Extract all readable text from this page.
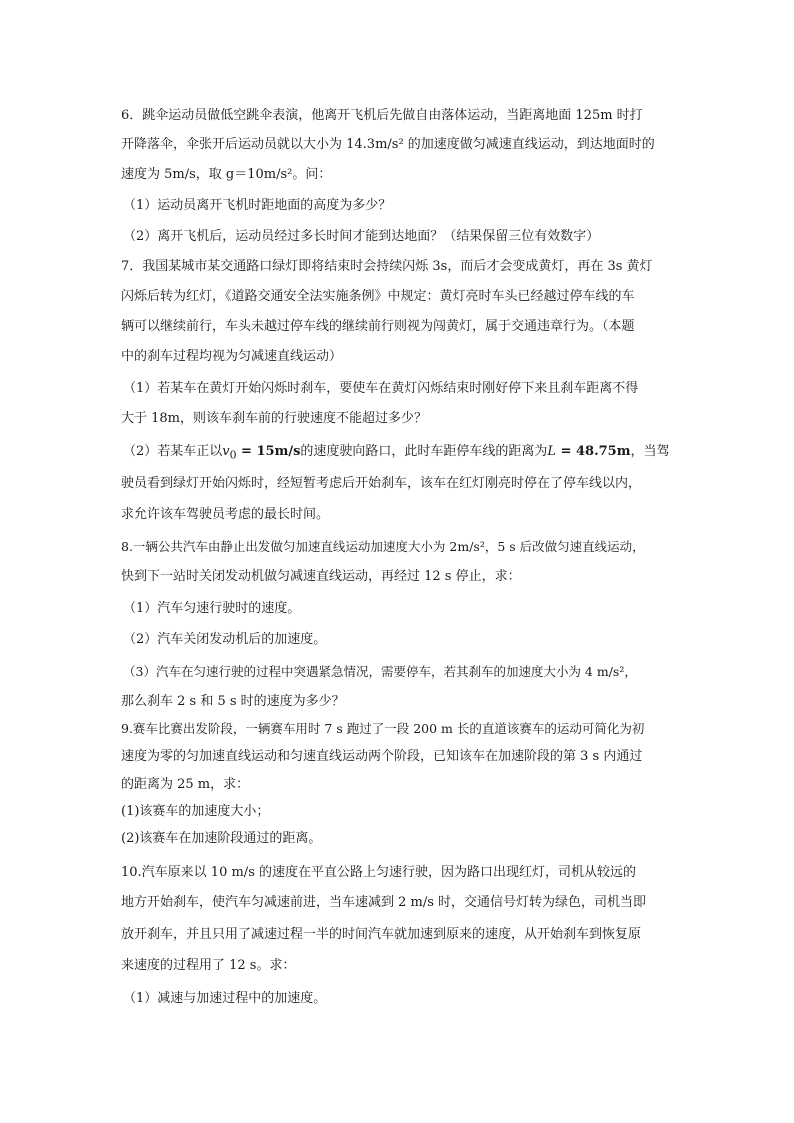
6．跳伞运动员做低空跳伞表演，他离开飞机后先做自由落体运动，当距离地面 125m 时打
开降落伞，伞张开后运动员就以大小为 14.3m/s² 的加速度做匀减速直线运动，到达地面时的
速度为 5m/s，取 g＝10m/s²。问：
（1）运动员离开飞机时距地面的高度为多少？
（2）离开飞机后，运动员经过多长时间才能到达地面？（结果保留三位有效数字）
7．我国某城市某交通路口绿灯即将结束时会持续闪烁 3s，而后才会变成黄灯，再在 3s 黄灯
闪烁后转为红灯，《道路交通安全法实施条例》中规定：黄灯亮时车头已经越过停车线的车
辆可以继续前行，车头未越过停车线的继续前行则视为闯黄灯，属于交通违章行为。（本题
中的刹车过程均视为匀减速直线运动）
（1）若某车在黄灯开始闪烁时刹车，要使车在黄灯闪烁结束时刚好停下来且刹车距离不得
大于 18m，则该车刹车前的行驶速度不能超过多少？
（2）若某车正以$v_0 = 15m/s$的速度驶向路口，此时车距停车线的距离为L = 48.75m，当驾
驶员看到绿灯开始闪烁时，经短暂考虑后开始刹车，该车在红灯刚亮时停在了停车线以内，
求允许该车驾驶员考虑的最长时间。
8.一辆公共汽车由静止出发做匀加速直线运动加速度大小为 2m/s²，5 s 后改做匀速直线运动，
快到下一站时关闭发动机做匀减速直线运动，再经过 12 s 停止，求：
（1）汽车匀速行驶时的速度。
（2）汽车关闭发动机后的加速度。
（3）汽车在匀速行驶的过程中突遇紧急情况，需要停车，若其刹车的加速度大小为 4 m/s²，
那么刹车 2 s 和 5 s 时的速度为多少？
9.赛车比赛出发阶段，一辆赛车用时 7 s 跑过了一段 200 m 长的直道该赛车的运动可简化为初
速度为零的匀加速直线运动和匀速直线运动两个阶段，已知该车在加速阶段的第 3 s 内通过
的距离为 25 m，求：
(1)该赛车的加速度大小；
(2)该赛车在加速阶段通过的距离。
10.汽车原来以 10 m/s 的速度在平直公路上匀速行驶，因为路口出现红灯，司机从较远的
地方开始刹车，使汽车匀减速前进，当车速减到 2 m/s 时，交通信号灯转为绿色，司机当即
放开刹车，并且只用了减速过程一半的时间汽车就加速到原来的速度，从开始刹车到恢复原
来速度的过程用了 12 s。求：
（1）减速与加速过程中的加速度。
